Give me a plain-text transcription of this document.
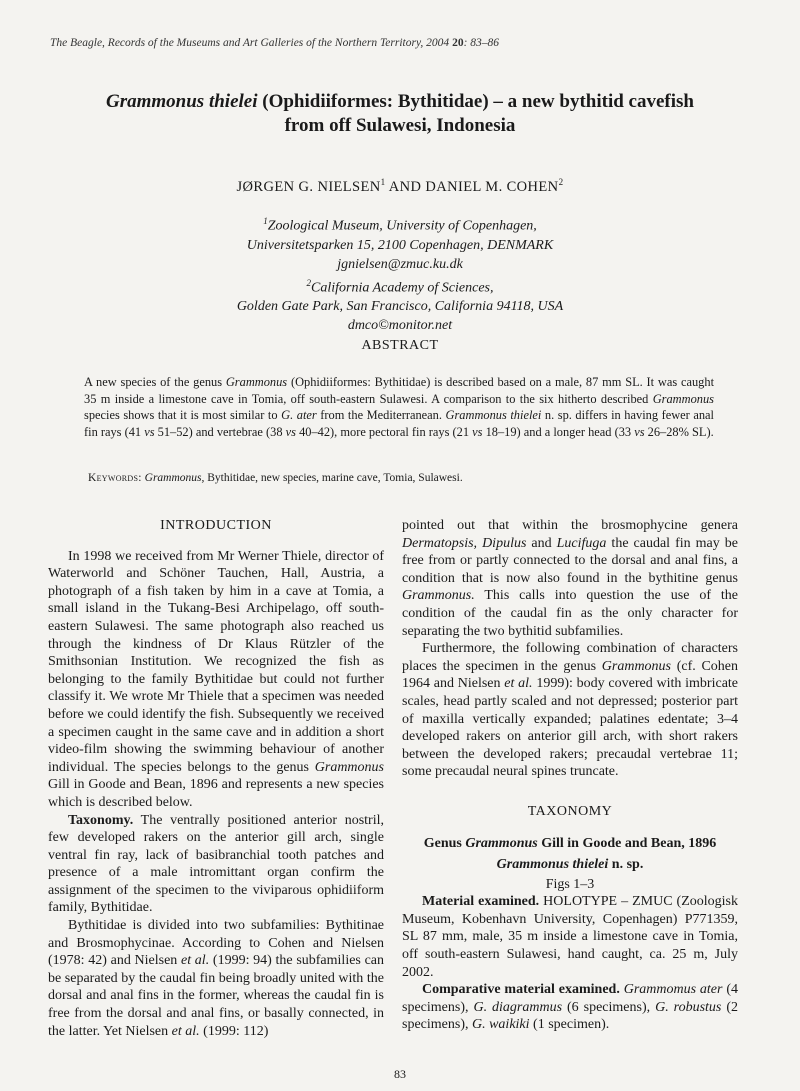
The Beagle, Records of the Museums and Art Galleries of the Northern Territory, 2004 20: 83–86
Grammonus thielei (Ophidiiformes: Bythitidae) – a new bythitid cavefish
from off Sulawesi, Indonesia
JØRGEN G. NIELSEN$^1$ AND DANIEL M. COHEN$^2$
$^1$Zoological Museum, University of Copenhagen,
Universitetsparken 15, 2100 Copenhagen, DENMARK
jgnielsen@zmuc.ku.dk
$^2$California Academy of Sciences,
Golden Gate Park, San Francisco, California 94118, USA
dmco©monitor.net
ABSTRACT
A new species of the genus Grammonus (Ophidiiformes: Bythitidae) is described based on a male, 87 mm SL. It was caught 35 m inside a limestone cave in Tomia, off south-eastern Sulawesi. A comparison to the six hitherto described Grammonus species shows that it is most similar to G. ater from the Mediterranean. Grammonus thielei n. sp. differs in having fewer anal fin rays (41 vs 51–52) and vertebrae (38 vs 40–42), more pectoral fin rays (21 vs 18–19) and a longer head (33 vs 26–28% SL).
Keywords: Grammonus, Bythitidae, new species, marine cave, Tomia, Sulawesi.
INTRODUCTION

In 1998 we received from Mr Werner Thiele, director of Waterworld and Schöner Tauchen, Hall, Austria, a photograph of a fish taken by him in a cave at Tomia, a small island in the Tukang-Besi Archipelago, off south-eastern Sulawesi. The same photograph also reached us through the kindness of Dr Klaus Rützler of the Smithsonian Institution. We recognized the fish as belonging to the family Bythitidae but could not further classify it. We wrote Mr Thiele that a specimen was needed before we could identify the fish. Subsequently we received a specimen caught in the same cave and in addition a short video-film showing the swimming behaviour of another individual. The species belongs to the genus Grammonus Gill in Goode and Bean, 1896 and represents a new species which is described below.

Taxonomy. The ventrally positioned anterior nostril, few developed rakers on the anterior gill arch, single ventral fin ray, lack of basibranchial tooth patches and presence of a male intromittant organ confirm the assignment of the specimen to the viviparous ophidiiform family, Bythitidae.

Bythitidae is divided into two subfamilies: Bythitinae and Brosmophycinae. According to Cohen and Nielsen (1978: 42) and Nielsen et al. (1999: 94) the subfamilies can be separated by the caudal fin being broadly united with the dorsal and anal fins in the former, whereas the caudal fin is free from the dorsal and anal fins, or basally connected, in the latter. Yet Nielsen et al. (1999: 112)

pointed out that within the brosmophycine genera Dermatopsis, Dipulus and Lucifuga the caudal fin may be free from or partly connected to the dorsal and anal fins, a condition that is now also found in the bythitine genus Grammonus. This calls into question the use of the condition of the caudal fin as the only character for separating the two bythitid subfamilies.

Furthermore, the following combination of characters places the specimen in the genus Grammonus (cf. Cohen 1964 and Nielsen et al. 1999): body covered with imbricate scales, head partly scaled and not depressed; posterior part of maxilla vertically expanded; palatines edentate; 3–4 developed rakers on anterior gill arch, with short rakers between the developed rakers; precaudal vertebrae 11; some precaudal neural spines truncate.

TAXONOMY
Genus Grammonus Gill in Goode and Bean, 1896
Grammonus thielei n. sp.
Figs 1–3

Material examined. HOLOTYPE – ZMUC (Zoologisk Museum, Kobenhavn University, Copenhagen) P771359, SL 87 mm, male, 35 m inside a limestone cave in Tomia, off south-eastern Sulawesi, hand caught, ca. 25 m, July 2002.

Comparative material examined. Grammomus ater (4 specimens), G. diagrammus (6 specimens), G. robustus (2 specimens), G. waikiki (1 specimen).

83
